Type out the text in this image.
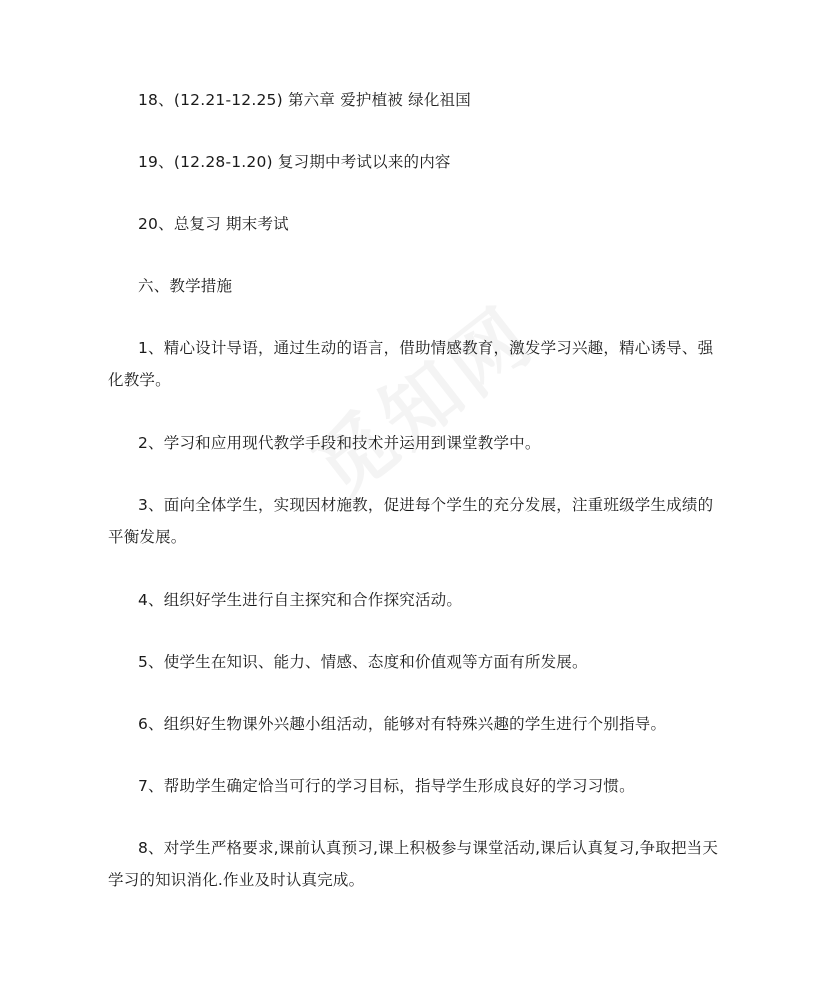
18、(12.21-12.25) 第六章 爱护植被 绿化祖国

19、(12.28-1.20) 复习期中考试以来的内容

20、总复习 期末考试

六、教学措施

1、精心设计导语，通过生动的语言，借助情感教育，激发学习兴趣，精心诱导、强化教学。

2、学习和应用现代教学手段和技术并运用到课堂教学中。

3、面向全体学生，实现因材施教，促进每个学生的充分发展，注重班级学生成绩的平衡发展。

4、组织好学生进行自主探究和合作探究活动。

5、使学生在知识、能力、情感、态度和价值观等方面有所发展。

6、组织好生物课外兴趣小组活动，能够对有特殊兴趣的学生进行个别指导。

7、帮助学生确定恰当可行的学习目标，指导学生形成良好的学习习惯。

8、对学生严格要求,课前认真预习,课上积极参与课堂活动,课后认真复习,争取把当天学习的知识消化.作业及时认真完成。
